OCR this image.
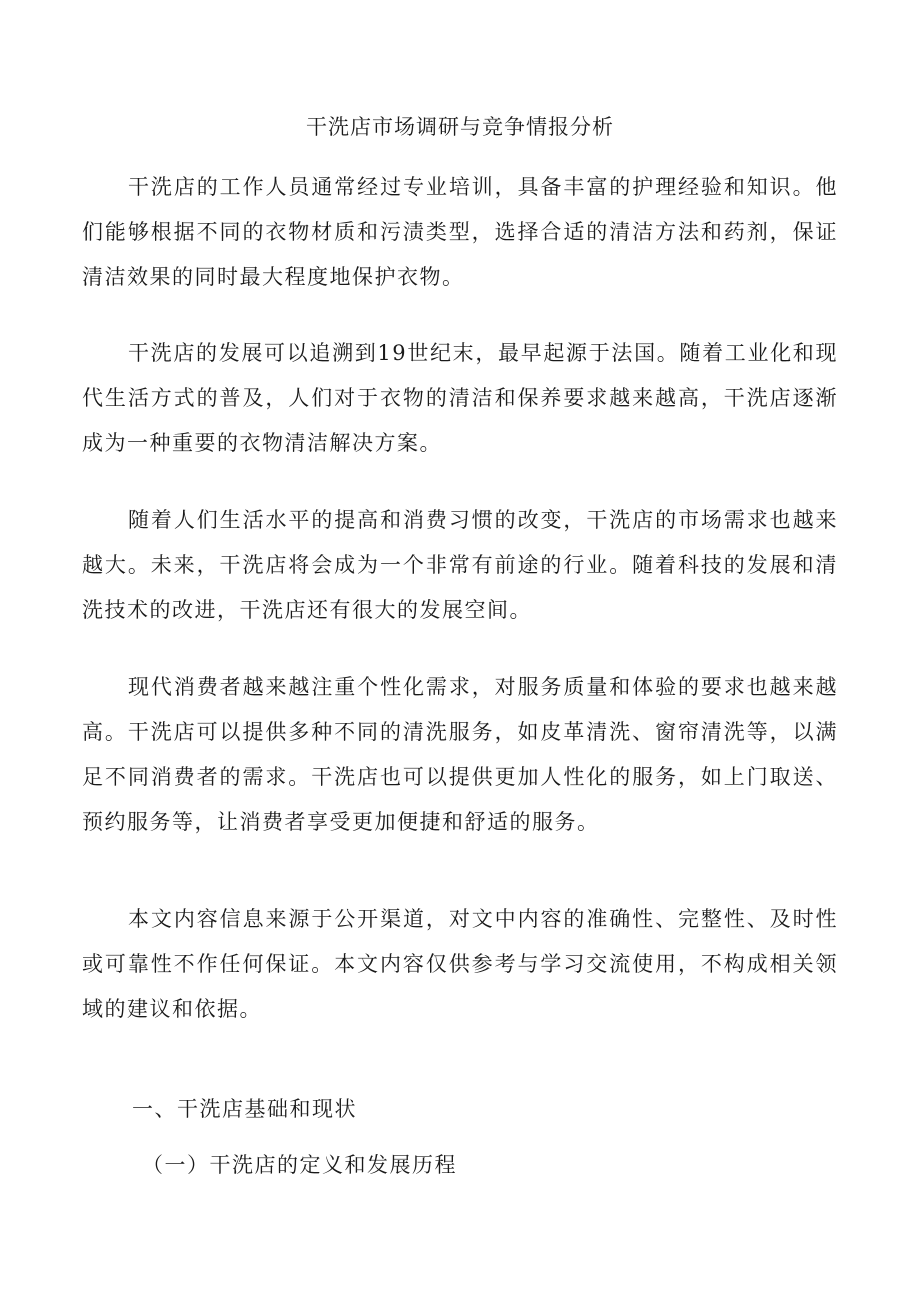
干洗店市场调研与竞争情报分析

干洗店的工作人员通常经过专业培训，具备丰富的护理经验和知识。他们能够根据不同的衣物材质和污渍类型，选择合适的清洁方法和药剂，保证清洁效果的同时最大程度地保护衣物。

干洗店的发展可以追溯到19世纪末，最早起源于法国。随着工业化和现代生活方式的普及，人们对于衣物的清洁和保养要求越来越高，干洗店逐渐成为一种重要的衣物清洁解决方案。

随着人们生活水平的提高和消费习惯的改变，干洗店的市场需求也越来越大。未来，干洗店将会成为一个非常有前途的行业。随着科技的发展和清洗技术的改进，干洗店还有很大的发展空间。

现代消费者越来越注重个性化需求，对服务质量和体验的要求也越来越高。干洗店可以提供多种不同的清洗服务，如皮革清洗、窗帘清洗等，以满足不同消费者的需求。干洗店也可以提供更加人性化的服务，如上门取送、预约服务等，让消费者享受更加便捷和舒适的服务。

本文内容信息来源于公开渠道，对文中内容的准确性、完整性、及时性或可靠性不作任何保证。本文内容仅供参考与学习交流使用，不构成相关领域的建议和依据。

一、干洗店基础和现状
（一）干洗店的定义和发展历程
